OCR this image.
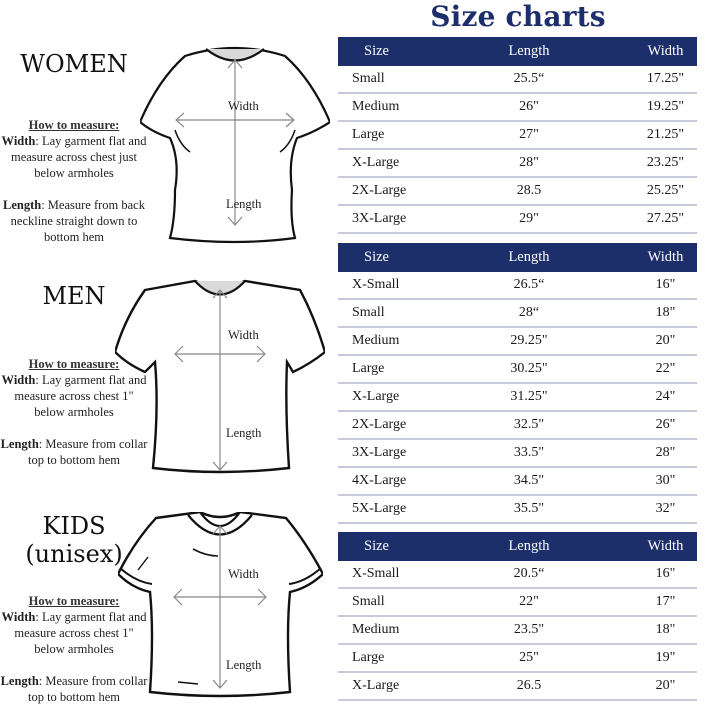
Size charts
WOMEN

How to measure:

Width: Lay garment flat and measure across chest just below armholes

Length: Measure from back neckline straight down to bottom hem

Width
Length
Size	Length	Width
Small	25.5“	17.25"
Medium	26"	19.25"
Large	27"	21.25"
X-Large	28"	23.25"
2X-Large	28.5	25.25"
3X-Large	29"	27.25"
MEN

How to measure:

Width: Lay garment flat and measure across chest 1" below armholes

Length: Measure from collar top to bottom hem

Width
Length
Size	Length	Width
X-Small	26.5“	16"
Small	28“	18"
Medium	29.25"	20"
Large	30.25"	22"
X-Large	31.25"	24"
2X-Large	32.5"	26"
3X-Large	33.5"	28"
4X-Large	34.5"	30"
5X-Large	35.5"	32"
KIDS
(unisex)

How to measure:

Width: Lay garment flat and measure across chest 1" below armholes

Length: Measure from collar top to bottom hem

Width
Length
Size	Length	Width
X-Small	20.5“	16"
Small	22"	17"
Medium	23.5"	18"
Large	25"	19"
X-Large	26.5	20"
